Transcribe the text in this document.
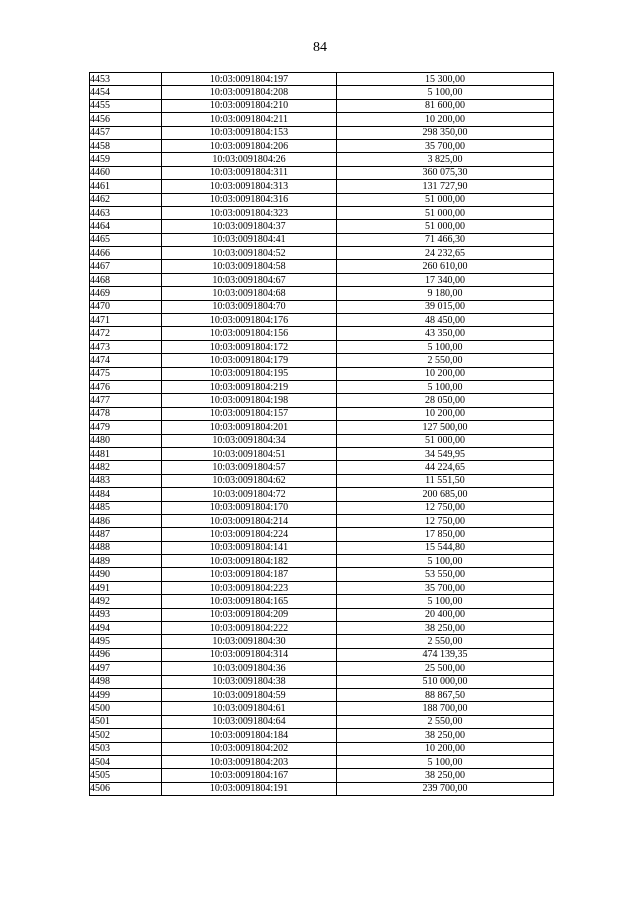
84
4453	10:03:0091804:197	15 300,00
4454	10:03:0091804:208	5 100,00
4455	10:03:0091804:210	81 600,00
4456	10:03:0091804:211	10 200,00
4457	10:03:0091804:153	298 350,00
4458	10:03:0091804:206	35 700,00
4459	10:03:0091804:26	3 825,00
4460	10:03:0091804:311	360 075,30
4461	10:03:0091804:313	131 727,90
4462	10:03:0091804:316	51 000,00
4463	10:03:0091804:323	51 000,00
4464	10:03:0091804:37	51 000,00
4465	10:03:0091804:41	71 466,30
4466	10:03:0091804:52	24 232,65
4467	10:03:0091804:58	260 610,00
4468	10:03:0091804:67	17 340,00
4469	10:03:0091804:68	9 180,00
4470	10:03:0091804:70	39 015,00
4471	10:03:0091804:176	48 450,00
4472	10:03:0091804:156	43 350,00
4473	10:03:0091804:172	5 100,00
4474	10:03:0091804:179	2 550,00
4475	10:03:0091804:195	10 200,00
4476	10:03:0091804:219	5 100,00
4477	10:03:0091804:198	28 050,00
4478	10:03:0091804:157	10 200,00
4479	10:03:0091804:201	127 500,00
4480	10:03:0091804:34	51 000,00
4481	10:03:0091804:51	34 549,95
4482	10:03:0091804:57	44 224,65
4483	10:03:0091804:62	11 551,50
4484	10:03:0091804:72	200 685,00
4485	10:03:0091804:170	12 750,00
4486	10:03:0091804:214	12 750,00
4487	10:03:0091804:224	17 850,00
4488	10:03:0091804:141	15 544,80
4489	10:03:0091804:182	5 100,00
4490	10:03:0091804:187	53 550,00
4491	10:03:0091804:223	35 700,00
4492	10:03:0091804:165	5 100,00
4493	10:03:0091804:209	20 400,00
4494	10:03:0091804:222	38 250,00
4495	10:03:0091804:30	2 550,00
4496	10:03:0091804:314	474 139,35
4497	10:03:0091804:36	25 500,00
4498	10:03:0091804:38	510 000,00
4499	10:03:0091804:59	88 867,50
4500	10:03:0091804:61	188 700,00
4501	10:03:0091804:64	2 550,00
4502	10:03:0091804:184	38 250,00
4503	10:03:0091804:202	10 200,00
4504	10:03:0091804:203	5 100,00
4505	10:03:0091804:167	38 250,00
4506	10:03:0091804:191	239 700,00
